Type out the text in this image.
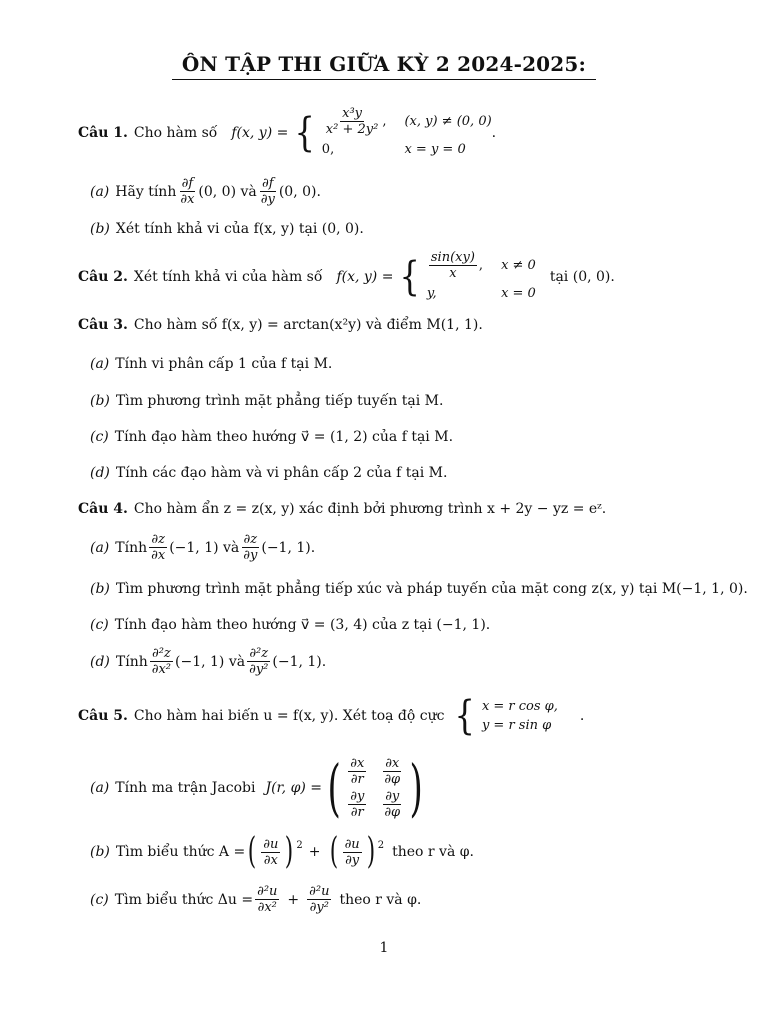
ÔN TẬP THI GIỮA KỲ 2 2024-2025:
Câu 1. Cho hàm số f(x, y) = { $\frac{\text{x³y}}{\text{x² + 2y²}}$ , (x, y) ≠ (0, 0)
0,	x = y = 0
.
(a) Hãy tính $\frac{\partial f}{\partial x} (0$, 0) và $\frac{\partial f}{\partial y} (0$, 0).
(b) Xét tính khả vi của f(x, y) tại (0, 0).
Câu 2. Xét tính khả vi của hàm số f(x, y) = { $\frac{\sin(xy)}{x}$ , x ≠ 0
y,	x = 0
tại (0, 0).
Câu 3. Cho hàm số f(x, y) = arctan(x²y) và điểm M(1, 1).
(a) Tính vi phân cấp 1 của f tại M.
(b) Tìm phương trình mặt phẳng tiếp tuyến tại M.
(c) Tính đạo hàm theo hướng v⃗ = (1, 2) của f tại M.
(d) Tính các đạo hàm và vi phân cấp 2 của f tại M.
Câu 4. Cho hàm ẩn z = z(x, y) xác định bởi phương trình x + 2y − yz = eᶻ.
(a) Tính $\frac{\partial z}{\partial x} (-1$, 1) và $\frac{\partial z}{\partial y} (-1$, 1).
(b) Tìm phương trình mặt phẳng tiếp xúc và pháp tuyến của mặt cong z(x, y) tại M(−1, 1, 0).
(c) Tính đạo hàm theo hướng v⃗ = (3, 4) của z tại (−1, 1).
(d) Tính $\frac{\text{∂²z}}{\text{∂x²}} (-1$, 1) và $\frac{\text{∂²z}}{\text{∂y²}} (-1$, 1).
Câu 5. Cho hàm hai biến u = f(x, y). Xét toạ độ cực { x = r cos φ,
y = r sin φ
.
(a) Tính ma trận Jacobi J(r, φ) = ( $\frac{\partial x}{\partial r} \frac{\partial x}{\partial\varphi}$
$\frac{\partial y}{\partial r} \frac{\partial y}{\partial\varphi}$ )
(b) Tìm biểu thức A = ( $\frac{\partial u}{\partial x}$ ) 2 + ( $\frac{\partial u}{\partial y}$ ) 2 theo r và φ.
(c) Tìm biểu thức $\Delta u = \frac{\text{∂²u}}{\text{∂x²}} + \frac{\text{∂²u}}{\text{∂y²}}$ theo r và φ.
1
